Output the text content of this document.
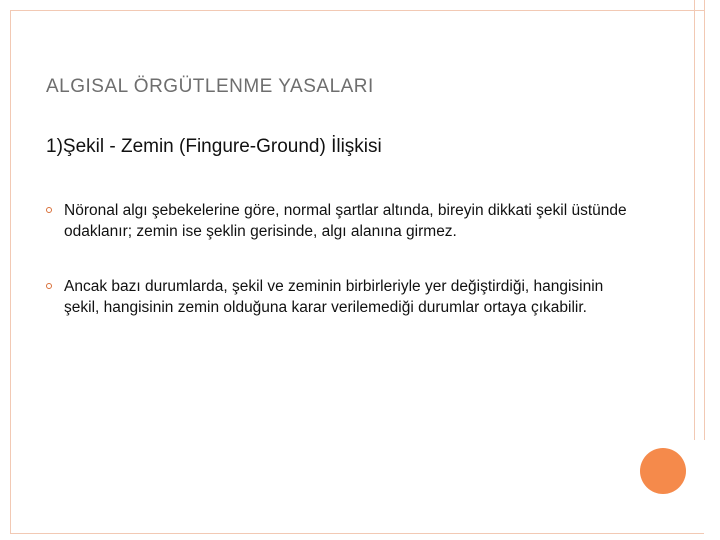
ALGISAL ÖRGÜTLENME YASALARI
1)Şekil - Zemin (Fingure-Ground) İlişkisi
Nöronal algı şebekelerine göre, normal şartlar altında, bireyin dikkati şekil üstünde odaklanır; zemin ise şeklin gerisinde, algı alanına girmez.
Ancak bazı durumlarda, şekil ve zeminin birbirleriyle yer değiştirdiği, hangisinin şekil, hangisinin zemin olduğuna karar verilemediği durumlar ortaya çıkabilir.
